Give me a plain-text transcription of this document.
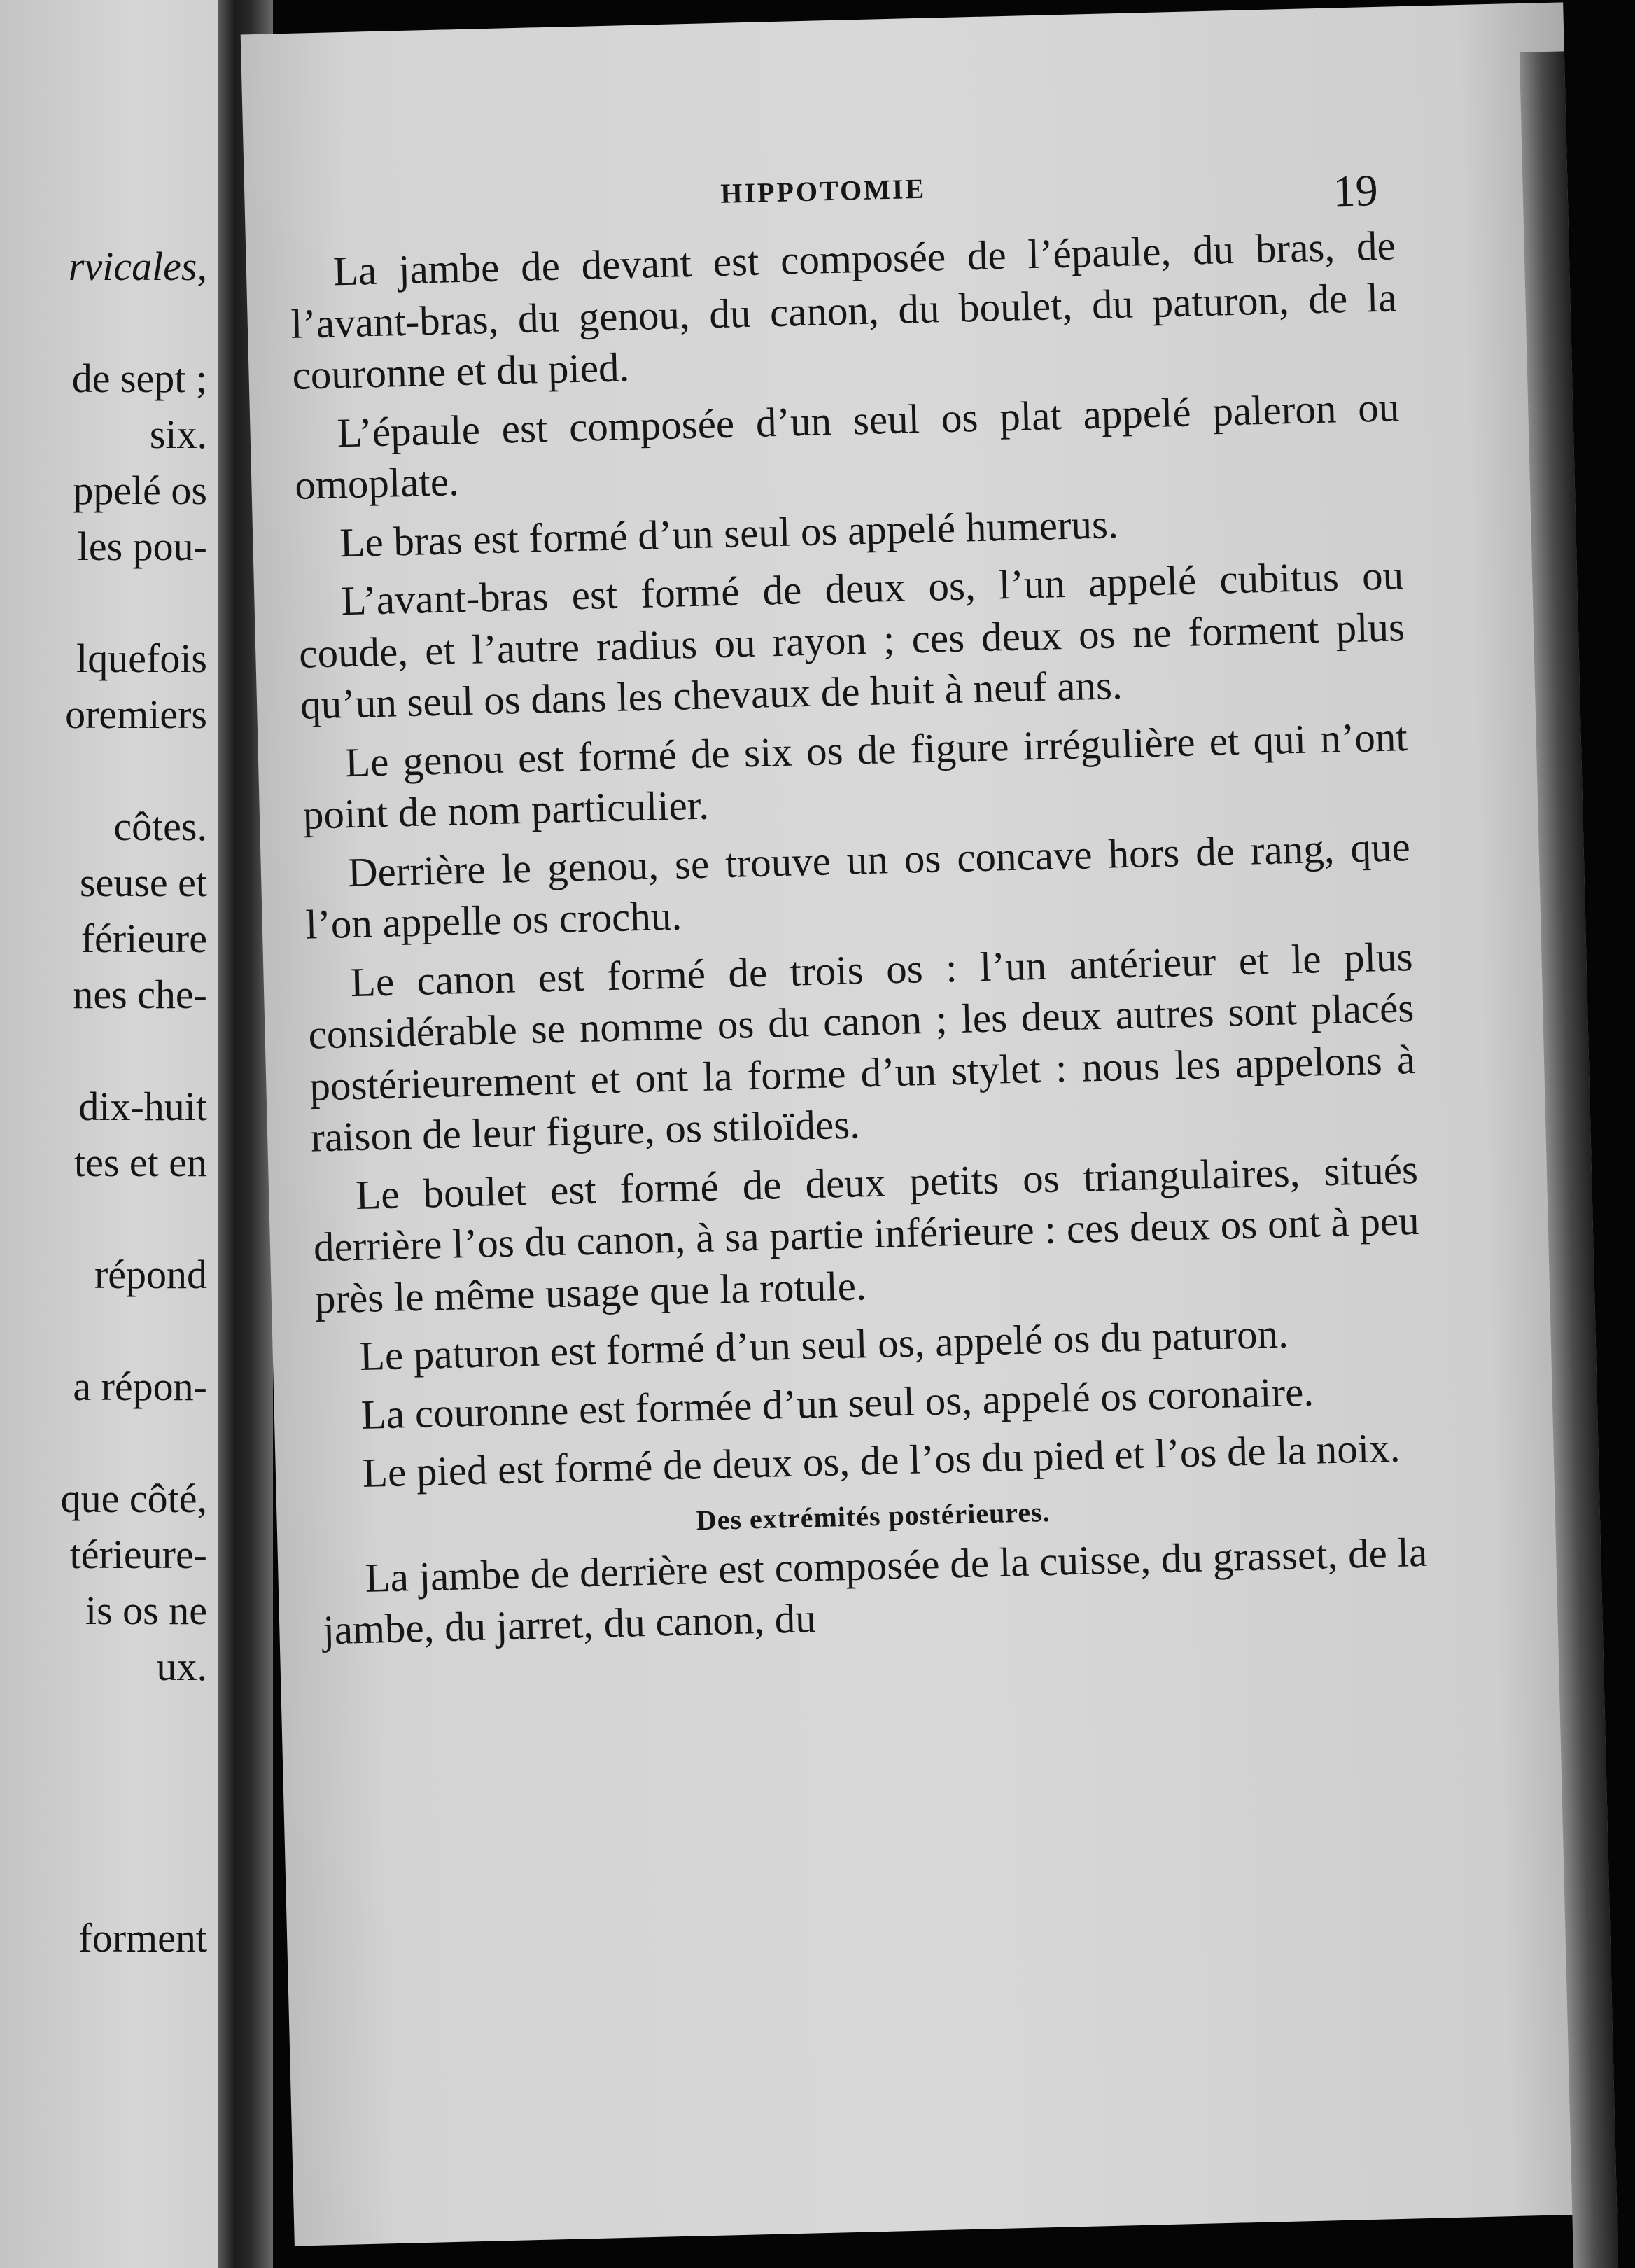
rvicales,
de sept ;
six.
ppelé os
les pou-
lquefois
oremiers
côtes.
seuse et
férieure
nes che-
dix-huit
tes et en
répond
a répon-
que côté,
térieure-
is os ne
ux.
forment
HIPPOTOMIE	19

La jambe de devant est composée de l’épaule, du bras, de l’avant-bras, du genou, du canon, du boulet, du paturon, de la couronne et du pied.

L’épaule est composée d’un seul os plat appelé paleron ou omoplate.

Le bras est formé d’un seul os appelé humerus.

L’avant-bras est formé de deux os, l’un appelé cubitus ou coude, et l’autre radius ou rayon ; ces deux os ne forment plus qu’un seul os dans les chevaux de huit à neuf ans.

Le genou est formé de six os de figure irrégulière et qui n’ont point de nom particulier.

Derrière le genou, se trouve un os concave hors de rang, que l’on appelle os crochu.

Le canon est formé de trois os : l’un antérieur et le plus considérable se nomme os du canon ; les deux autres sont placés postérieurement et ont la forme d’un stylet : nous les appelons à raison de leur figure, os stiloïdes.

Le boulet est formé de deux petits os triangulaires, situés derrière l’os du canon, à sa partie inférieure : ces deux os ont à peu près le même usage que la rotule.

Le paturon est formé d’un seul os, appelé os du paturon.

La couronne est formée d’un seul os, appelé os coronaire.

Le pied est formé de deux os, de l’os du pied et l’os de la noix.

Des extrémités postérieures.

La jambe de derrière est composée de la cuisse, du grasset, de la jambe, du jarret, du canon, du
